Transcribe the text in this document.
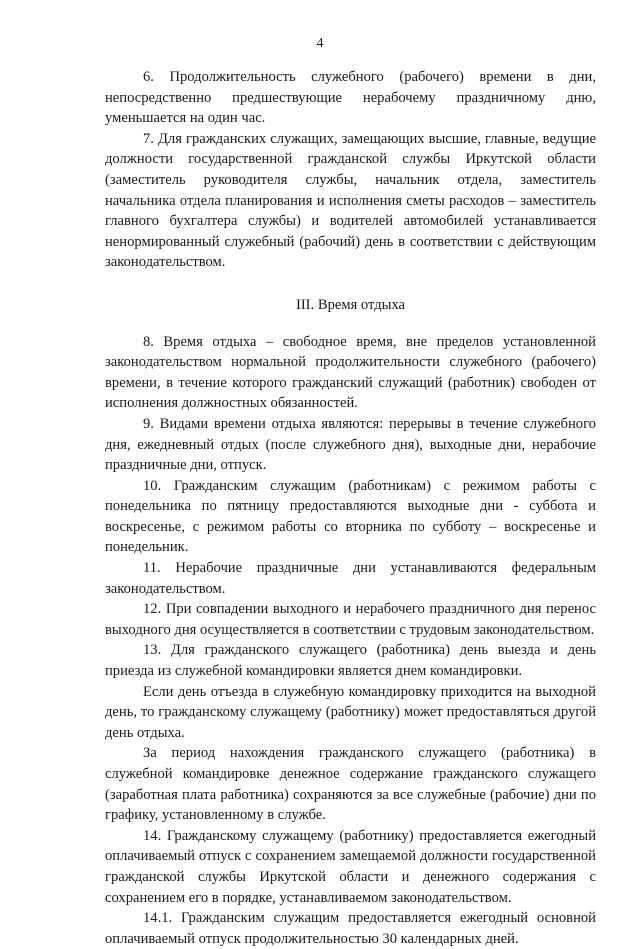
4

6. Продолжительность служебного (рабочего) времени в дни, непосредственно предшествующие нерабочему праздничному дню, уменьшается на один час.

7. Для гражданских служащих, замещающих высшие, главные, ведущие должности государственной гражданской службы Иркутской области (заместитель руководителя службы, начальник отдела, заместитель начальника отдела планирования и исполнения сметы расходов – заместитель главного бухгалтера службы) и водителей автомобилей устанавливается ненормированный служебный (рабочий) день в соответствии с действующим законодательством.

III. Время отдыха

8. Время отдыха – свободное время, вне пределов установленной законодательством нормальной продолжительности служебного (рабочего) времени, в течение которого гражданский служащий (работник) свободен от исполнения должностных обязанностей.

9. Видами времени отдыха являются: перерывы в течение служебного дня, ежедневный отдых (после служебного дня), выходные дни, нерабочие праздничные дни, отпуск.

10. Гражданским служащим (работникам) с режимом работы с понедельника по пятницу предоставляются выходные дни - суббота и воскресенье, с режимом работы со вторника по субботу – воскресенье и понедельник.

11. Нерабочие праздничные дни устанавливаются федеральным законодательством.

12. При совпадении выходного и нерабочего праздничного дня перенос выходного дня осуществляется в соответствии с трудовым законодательством.

13. Для гражданского служащего (работника) день выезда и день приезда из служебной командировки является днем командировки.

Если день отъезда в служебную командировку приходится на выходной день, то гражданскому служащему (работнику) может предоставляться другой день отдыха.

За период нахождения гражданского служащего (работника) в служебной командировке денежное содержание гражданского служащего (заработная плата работника) сохраняются за все служебные (рабочие) дни по графику, установленному в службе.

14. Гражданскому служащему (работнику) предоставляется ежегодный оплачиваемый отпуск с сохранением замещаемой должности государственной гражданской службы Иркутской области и денежного содержания с сохранением его в порядке, устанавливаемом законодательством.

14.1. Гражданским служащим предоставляется ежегодный основной оплачиваемый отпуск продолжительностью 30 календарных дней.
